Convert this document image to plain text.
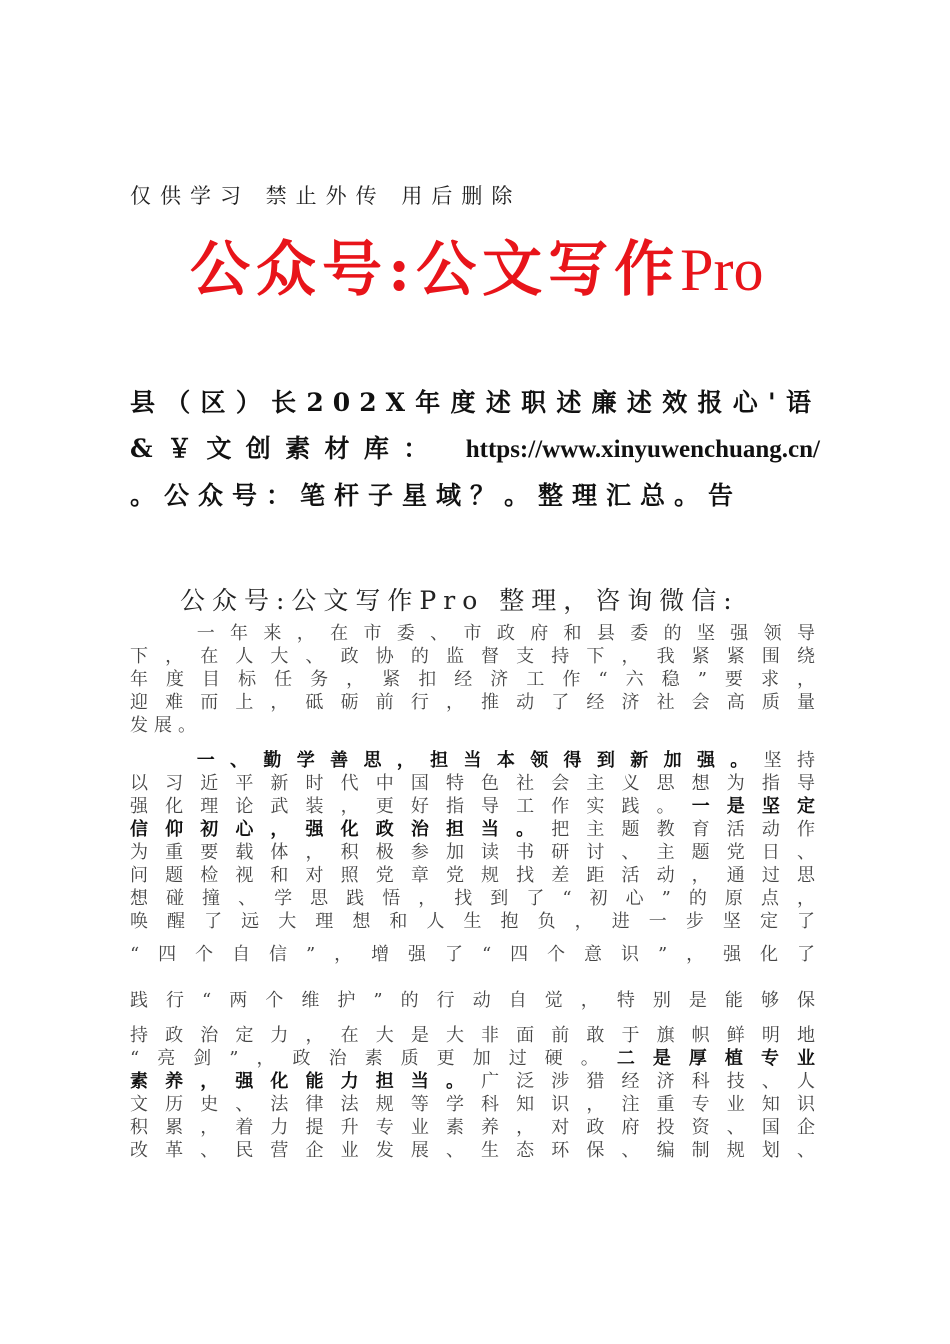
仅供学习 禁止外传 用后删除
公众号:公文写作Pro
县（区）长202X年度述职述廉述效报心'语&￥文创素材库： https://www.xinyuwenchuang.cn/ 。公众号：笔杆子星域？。整理汇总。告
公众号:公文写作Pro 整理，咨询微信:
　　一年来，在市委、市政府和县委的坚强领导
下，在人大、政协的监督支持下，我紧紧围绕
年度目标任务，紧扣经济工作“六稳”要求，
迎难而上，砥砺前行，推动了经济社会高质量
发展。
　　一、勤学善思，担当本领得到新加强。坚持
以习近平新时代中国特色社会主义思想为指导
强化理论武装，更好指导工作实践。一是坚定
信仰初心，强化政治担当。把主题教育活动作
为重要载体，积极参加读书研讨、主题党日、
问题检视和对照党章党规找差距活动，通过思
想碰撞、学思践悟，找到了“初心”的原点，
唤醒了远大理想和人生抱负，进一步坚定了
“四个自信”，增强了“四个意识”，强化了
践行“两个维护”的行动自觉，特别是能够保
持政治定力，在大是大非面前敢于旗帜鲜明地
“亮剑”，政治素质更加过硬。二是厚植专业
素养，强化能力担当。广泛涉猎经济科技、人
文历史、法律法规等学科知识，注重专业知识
积累，着力提升专业素养，对政府投资、国企
改革、民营企业发展、生态环保、编制规划、
